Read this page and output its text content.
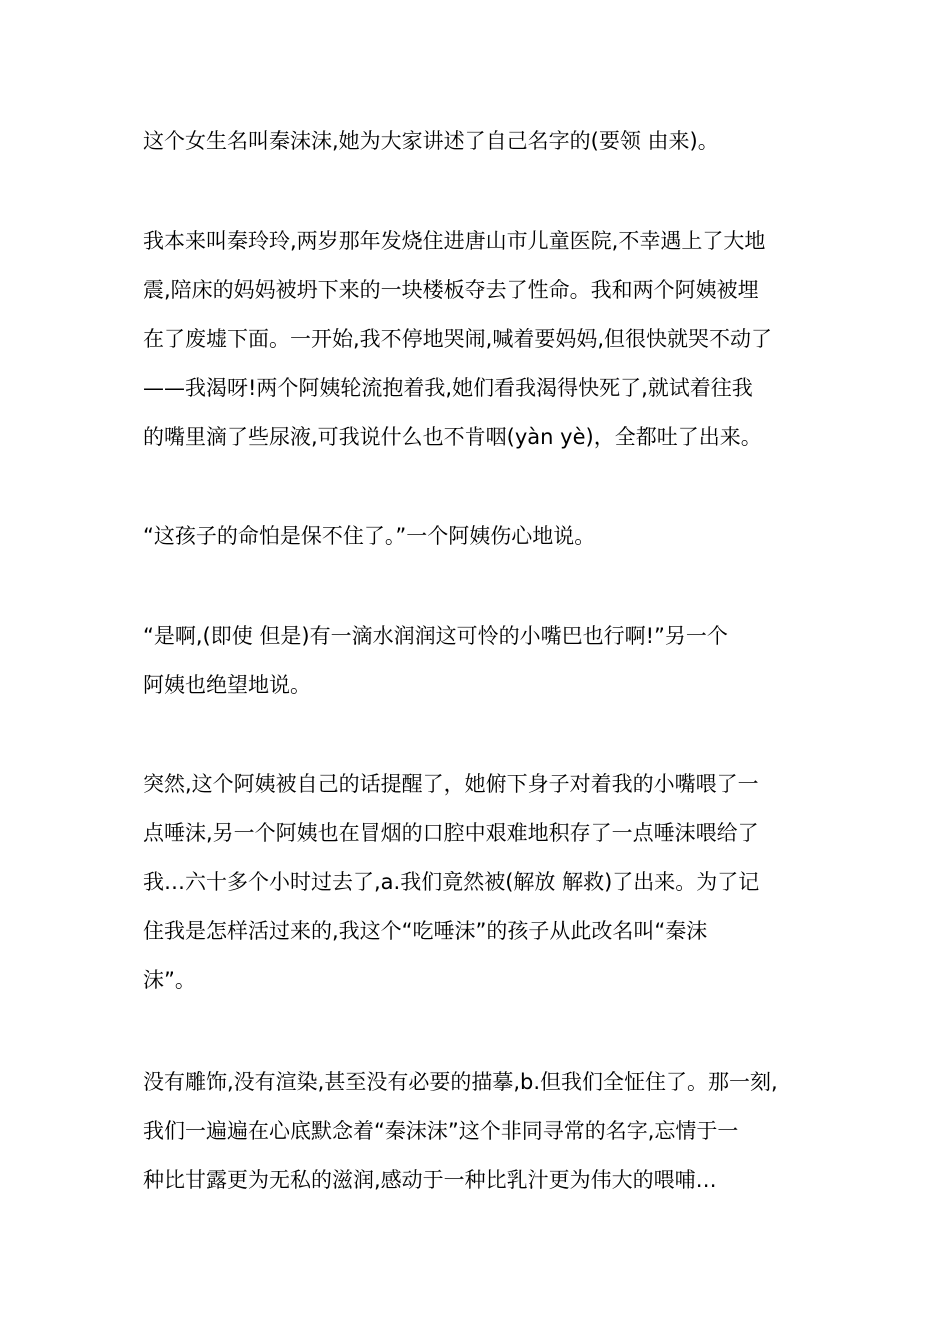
这个女生名叫秦沫沫,她为大家讲述了自己名字的(要领 由来)。

我本来叫秦玲玲,两岁那年发烧住进唐山市儿童医院,不幸遇上了大地
震,陪床的妈妈被坍下来的一块楼板夺去了性命。我和两个阿姨被埋
在了废墟下面。一开始,我不停地哭闹,喊着要妈妈,但很快就哭不动了
——我渴呀!两个阿姨轮流抱着我,她们看我渴得快死了,就试着往我
的嘴里滴了些尿液,可我说什么也不肯咽(yàn yè)，全都吐了出来。

“这孩子的命怕是保不住了。”一个阿姨伤心地说。

“是啊,(即使 但是)有一滴水润润这可怜的小嘴巴也行啊!”另一个
阿姨也绝望地说。

突然,这个阿姨被自己的话提醒了，她俯下身子对着我的小嘴喂了一
点唾沫,另一个阿姨也在冒烟的口腔中艰难地积存了一点唾沫喂给了
我…六十多个小时过去了,a.我们竟然被(解放 解救)了出来。为了记
住我是怎样活过来的,我这个“吃唾沫”的孩子从此改名叫“秦沫
沫”。

没有雕饰,没有渲染,甚至没有必要的描摹,b.但我们全怔住了。那一刻,
我们一遍遍在心底默念着“秦沫沫”这个非同寻常的名字,忘情于一
种比甘露更为无私的滋润,感动于一种比乳汁更为伟大的喂哺…
